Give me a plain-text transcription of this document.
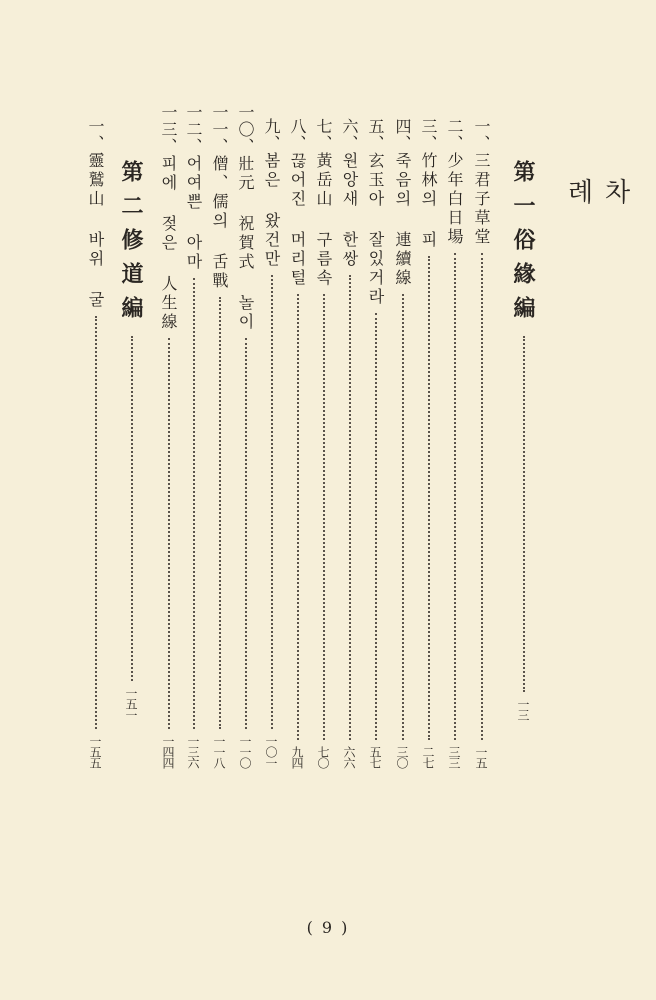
차 례
第一俗緣編
一三
一、
三君子草堂
一五
二、
少年白日場
三三
三、
竹林의 피
二七
四、
죽음의 連續線
三〇
五、
玄玉아 잘있거라
五七
六、
원앙새 한쌍
六六
七、
黃岳山 구름속
七〇
八、
끊어진 머리털
九四
九、
봄은 왔건만
一〇一
一〇、
壯元 祝賀式 놀이
一一〇
一一、
僧、儒의 舌戰
一一八
一二、
어여쁜 아마
一三六
一三、
피에 젖은 人生線
一四四
第二修道編
一五一
一、
靈鷲山 바위 굴
一五五
( 9 )
